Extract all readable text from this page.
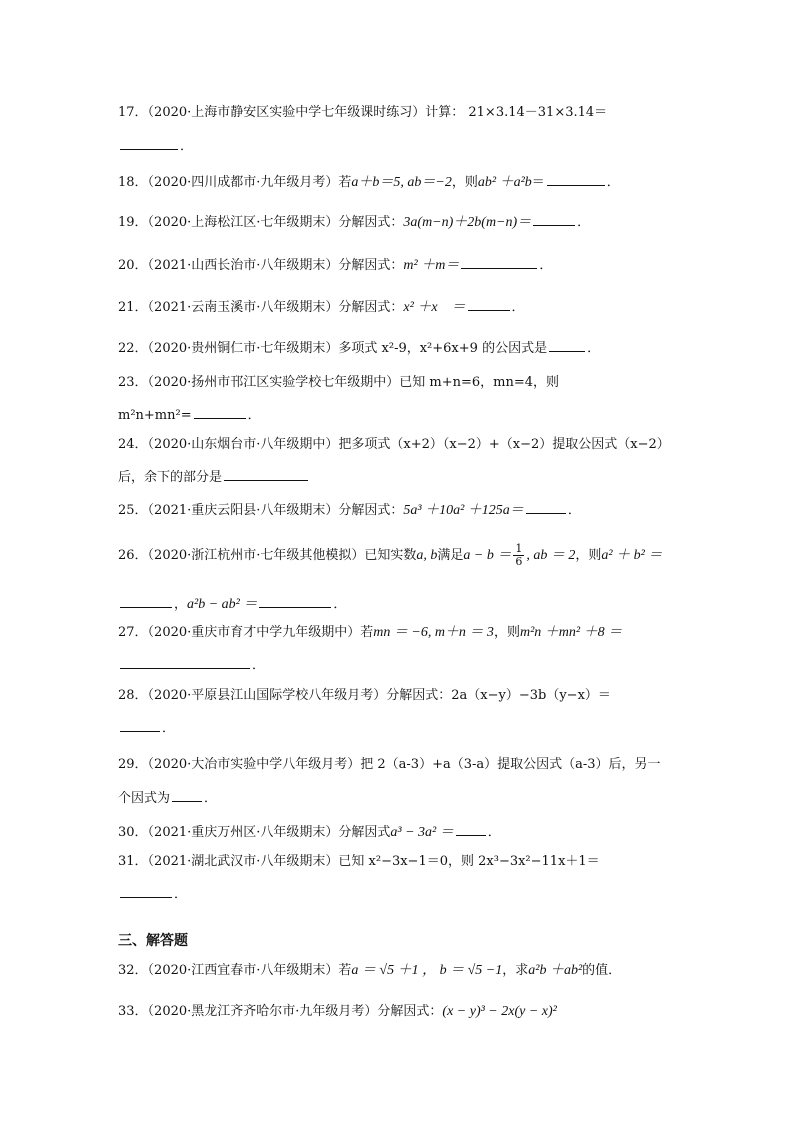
17．（2020·上海市静安区实验中学七年级课时练习）计算： 21×3.14－31×3.14＝
．
18．（2020·四川成都市·九年级月考）若a＋b＝5, ab＝−2，则ab² ＋a²b＝	．
19．（2020·上海松江区·七年级期末）分解因式：3a(m−n)＋2b(m−n)＝	．
20．（2021·山西长治市·八年级期末）分解因式：m² ＋m＝	．
21．（2021·云南玉溪市·八年级期末）分解因式：x² ＋x　＝	．
22．（2020·贵州铜仁市·七年级期末）多项式 x²-9，x²+6x+9 的公因式是	．
23．（2020·扬州市邗江区实验学校七年级期中）已知 m+n=6，mn=4，则
m²n+mn²=	．
24．（2020·山东烟台市·八年级期中）把多项式（x+2）（x−2）+（x−2）提取公因式（x−2）
后，余下的部分是
25．（2021·重庆云阳县·八年级期末）分解因式：5a³ ＋10a² ＋125a＝	．
26．（2020·浙江杭州市·七年级其他模拟）已知实数a, b满足$a - b = \frac{1}{6}$ , ab ＝ 2，则a² ＋ b² ＝
，a²b − ab² ＝	．
27．（2020·重庆市育才中学九年级期中）若mn ＝ −6, m＋n ＝ 3，则m²n ＋mn² ＋8 ＝
．
28．（2020·平原县江山国际学校八年级月考）分解因式：2a（x−y）−3b（y−x）＝
．
29．（2020·大冶市实验中学八年级月考）把 2（a-3）+a（3-a）提取公因式（a-3）后，另一
个因式为	．
30．（2021·重庆万州区·八年级期末）分解因式a³ − 3a² ＝	．
31．（2021·湖北武汉市·八年级期末）已知 x²−3x−1＝0，则 2x³−3x²−11x＋1＝
．
三、解答题
32．（2020·江西宜春市·八年级期末）若a ＝ √5 ＋1 ， b ＝ √5 −1，求a²b ＋ab²的值．
33．（2020·黑龙江齐齐哈尔市·九年级月考）分解因式：(x − y)³ − 2x(y − x)²
